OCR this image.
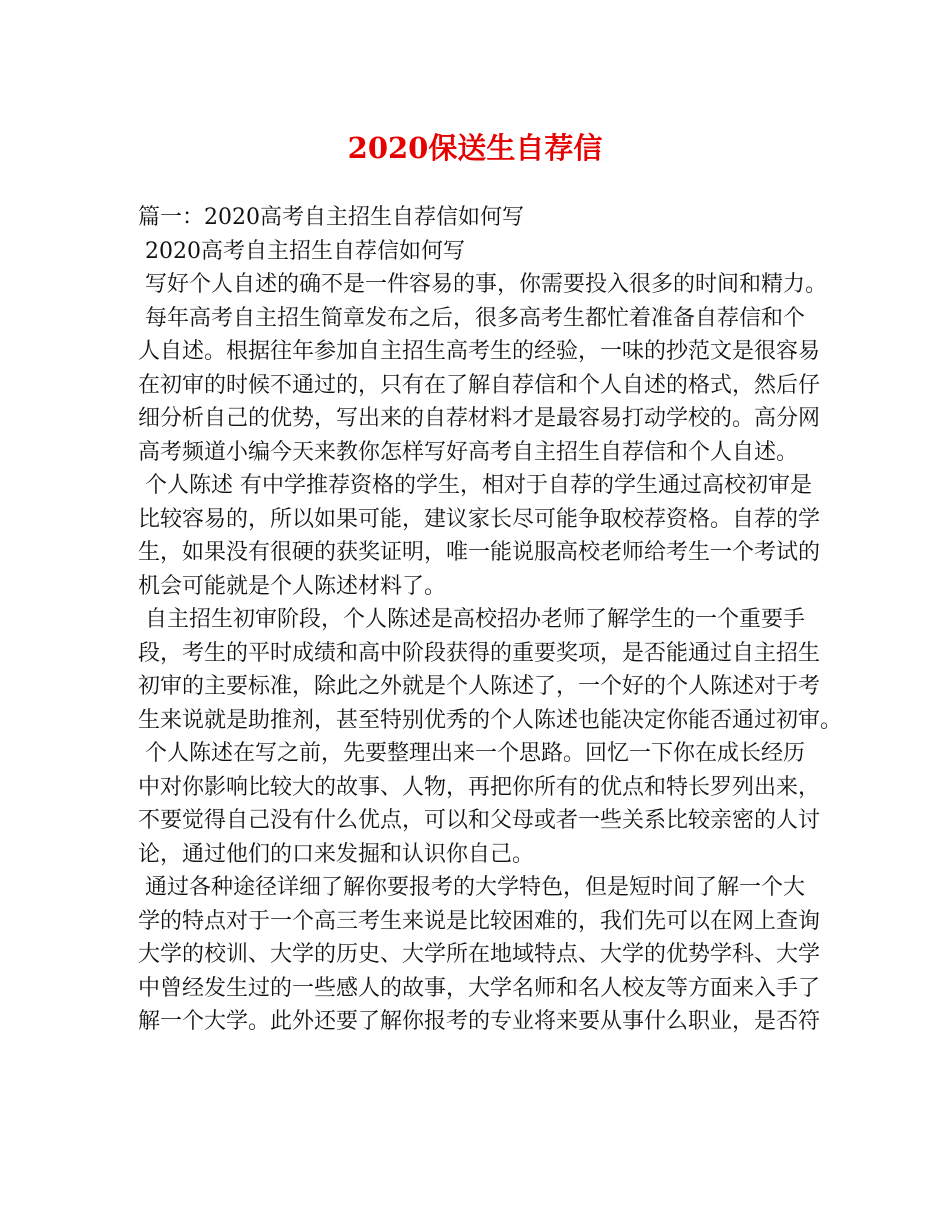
2020保送生自荐信
篇一：2020高考自主招生自荐信如何写
2020高考自主招生自荐信如何写
写好个人自述的确不是一件容易的事，你需要投入很多的时间和精力。
每年高考自主招生简章发布之后，很多高考生都忙着准备自荐信和个
人自述。根据往年参加自主招生高考生的经验，一味的抄范文是很容易
在初审的时候不通过的，只有在了解自荐信和个人自述的格式，然后仔
细分析自己的优势，写出来的自荐材料才是最容易打动学校的。高分网
高考频道小编今天来教你怎样写好高考自主招生自荐信和个人自述。
个人陈述 有中学推荐资格的学生，相对于自荐的学生通过高校初审是
比较容易的，所以如果可能，建议家长尽可能争取校荐资格。自荐的学
生，如果没有很硬的获奖证明，唯一能说服高校老师给考生一个考试的
机会可能就是个人陈述材料了。
自主招生初审阶段，个人陈述是高校招办老师了解学生的一个重要手
段，考生的平时成绩和高中阶段获得的重要奖项，是否能通过自主招生
初审的主要标准，除此之外就是个人陈述了，一个好的个人陈述对于考
生来说就是助推剂，甚至特别优秀的个人陈述也能决定你能否通过初审。
个人陈述在写之前，先要整理出来一个思路。回忆一下你在成长经历
中对你影响比较大的故事、人物，再把你所有的优点和特长罗列出来，
不要觉得自己没有什么优点，可以和父母或者一些关系比较亲密的人讨
论，通过他们的口来发掘和认识你自己。
通过各种途径详细了解你要报考的大学特色，但是短时间了解一个大
学的特点对于一个高三考生来说是比较困难的，我们先可以在网上查询
大学的校训、大学的历史、大学所在地域特点、大学的优势学科、大学
中曾经发生过的一些感人的故事，大学名师和名人校友等方面来入手了
解一个大学。此外还要了解你报考的专业将来要从事什么职业，是否符
